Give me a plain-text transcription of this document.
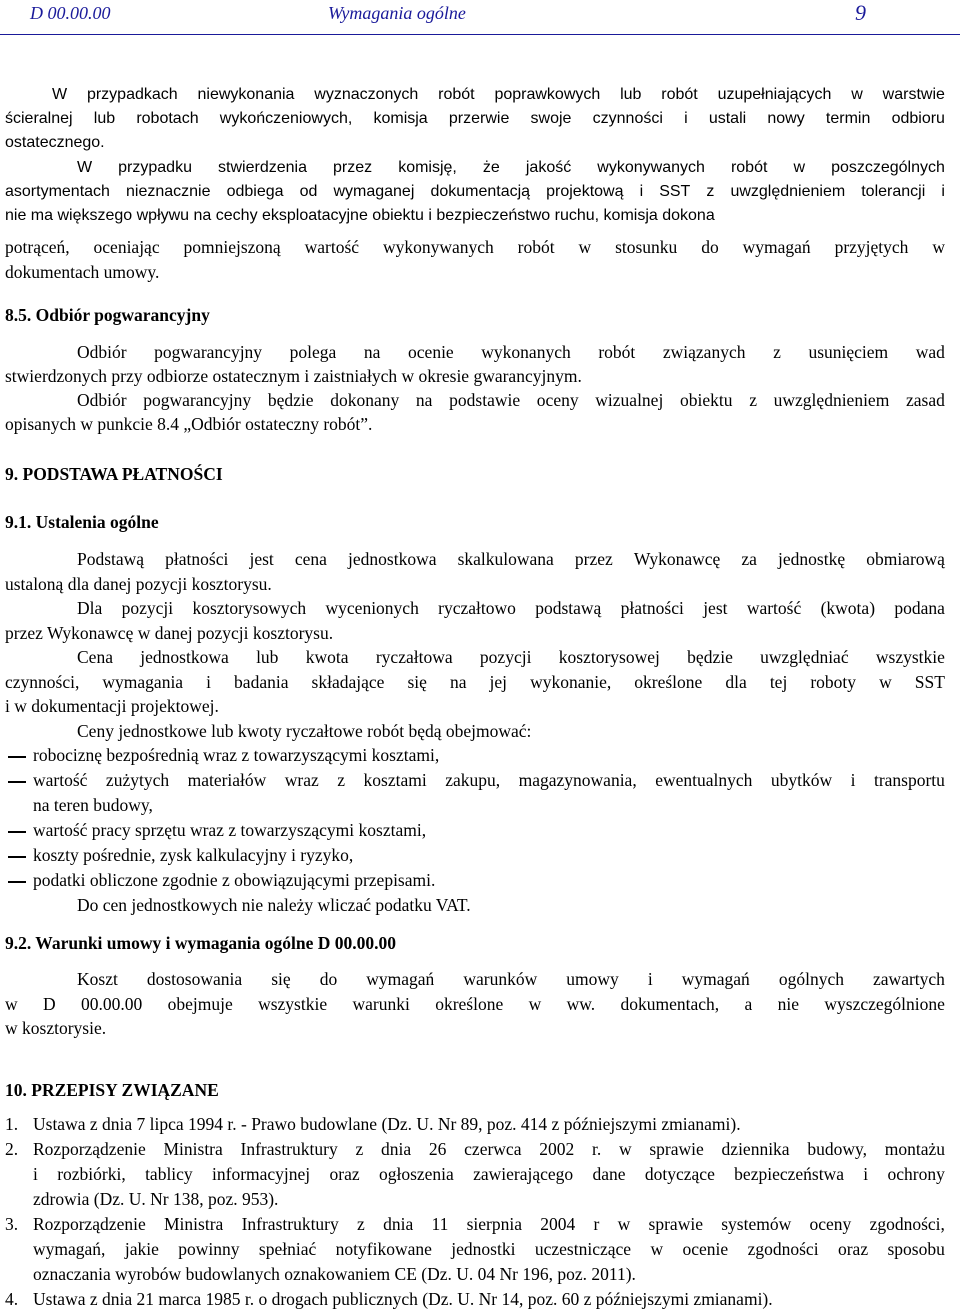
D 00.00.00	Wymagania ogólne	9
W przypadkach niewykonania wyznaczonych robót poprawkowych lub robót uzupełniających w warstwie
ścieralnej lub robotach wykończeniowych, komisja przerwie swoje czynności i ustali nowy termin odbioru
ostatecznego.
W przypadku stwierdzenia przez komisję, że jakość wykonywanych robót w poszczególnych
asortymentach nieznacznie odbiega od wymaganej dokumentacją projektową i SST z uwzględnieniem tolerancji i
nie ma większego wpływu na cechy eksploatacyjne obiektu i bezpieczeństwo ruchu, komisja dokona
potrąceń, oceniając pomniejszoną wartość wykonywanych robót w stosunku do wymagań przyjętych w
dokumentach umowy.
8.5. Odbiór pogwarancyjny
Odbiór pogwarancyjny polega na ocenie wykonanych robót związanych z usunięciem wad
stwierdzonych przy odbiorze ostatecznym i zaistniałych w okresie gwarancyjnym.
Odbiór pogwarancyjny będzie dokonany na podstawie oceny wizualnej obiektu z uwzględnieniem zasad
opisanych w punkcie 8.4 „Odbiór ostateczny robót”.
9. PODSTAWA PŁATNOŚCI
9.1. Ustalenia ogólne
Podstawą płatności jest cena jednostkowa skalkulowana przez Wykonawcę za jednostkę obmiarową
ustaloną dla danej pozycji kosztorysu.
Dla pozycji kosztorysowych wycenionych ryczałtowo podstawą płatności jest wartość (kwota) podana
przez Wykonawcę w danej pozycji kosztorysu.
Cena jednostkowa lub kwota ryczałtowa pozycji kosztorysowej będzie uwzględniać wszystkie
czynności, wymagania i badania składające się na jej wykonanie, określone dla tej roboty w SST
i w dokumentacji projektowej.
Ceny jednostkowe lub kwoty ryczałtowe robót będą obejmować:
robociznę bezpośrednią wraz z towarzyszącymi kosztami,
wartość zużytych materiałów wraz z kosztami zakupu, magazynowania, ewentualnych ubytków i transportu
na teren budowy,
wartość pracy sprzętu wraz z towarzyszącymi kosztami,
koszty pośrednie, zysk kalkulacyjny i ryzyko,
podatki obliczone zgodnie z obowiązującymi przepisami.
Do cen jednostkowych nie należy wliczać podatku VAT.
9.2. Warunki umowy i wymagania ogólne D 00.00.00
Koszt dostosowania się do wymagań warunków umowy i wymagań ogólnych zawartych
w D 00.00.00 obejmuje wszystkie warunki określone w ww. dokumentach, a nie wyszczególnione
w kosztorysie.
10. PRZEPISY ZWIĄZANE
1. Ustawa z dnia 7 lipca 1994 r. - Prawo budowlane (Dz. U. Nr 89, poz. 414 z późniejszymi zmianami).
2. Rozporządzenie Ministra Infrastruktury z dnia 26 czerwca 2002 r. w sprawie dziennika budowy, montażu
i rozbiórki, tablicy informacyjnej oraz ogłoszenia zawierającego dane dotyczące bezpieczeństwa i ochrony
zdrowia (Dz. U. Nr 138, poz. 953).
3. Rozporządzenie Ministra Infrastruktury z dnia 11 sierpnia 2004 r w sprawie systemów oceny zgodności,
wymagań, jakie powinny spełniać notyfikowane jednostki uczestniczące w ocenie zgodności oraz sposobu
oznaczania wyrobów budowlanych oznakowaniem CE (Dz. U. 04 Nr 196, poz. 2011).
4. Ustawa z dnia 21 marca 1985 r. o drogach publicznych (Dz. U. Nr 14, poz. 60 z późniejszymi zmianami).
